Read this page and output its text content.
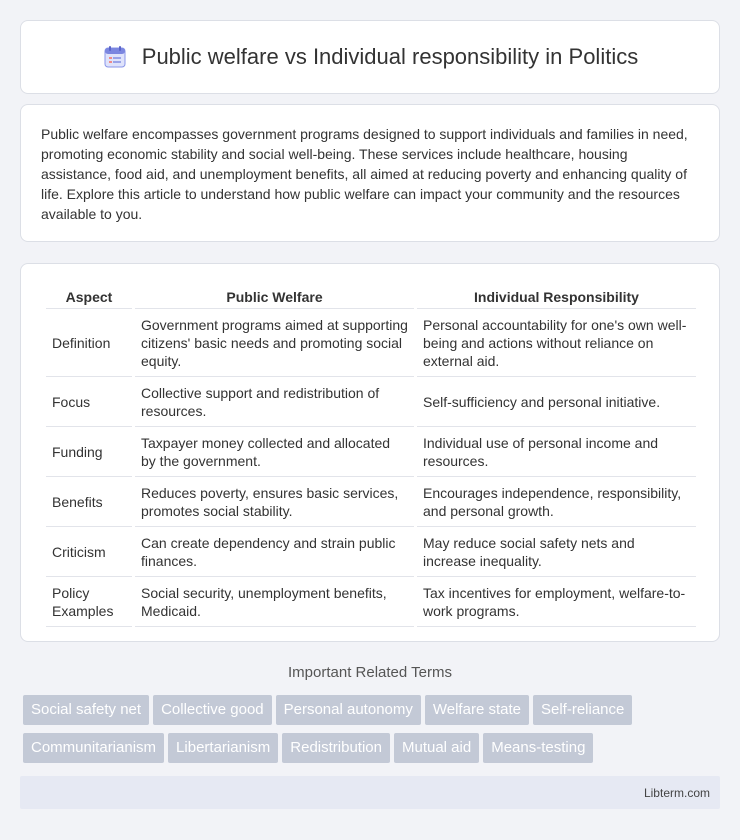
Public welfare vs Individual responsibility in Politics

Public welfare encompasses government programs designed to support individuals and families in need, promoting economic stability and social well-being. These services include healthcare, housing assistance, food aid, and unemployment benefits, all aimed at reducing poverty and enhancing quality of life. Explore this article to understand how public welfare can impact your community and the resources available to you.

Aspect	Public Welfare	Individual Responsibility
Definition	Government programs aimed at supporting citizens' basic needs and promoting social equity.	Personal accountability for one's own well-being and actions without reliance on external aid.
Focus	Collective support and redistribution of resources.	Self-sufficiency and personal initiative.
Funding	Taxpayer money collected and allocated by the government.	Individual use of personal income and resources.
Benefits	Reduces poverty, ensures basic services, promotes social stability.	Encourages independence, responsibility, and personal growth.
Criticism	Can create dependency and strain public finances.	May reduce social safety nets and increase inequality.
Policy Examples	Social security, unemployment benefits, Medicaid.	Tax incentives for employment, welfare-to-work programs.
Important Related Terms
Social safety net Collective good Personal autonomy Welfare state Self-reliance
Communitarianism Libertarianism Redistribution Mutual aid Means-testing
Libterm.com
